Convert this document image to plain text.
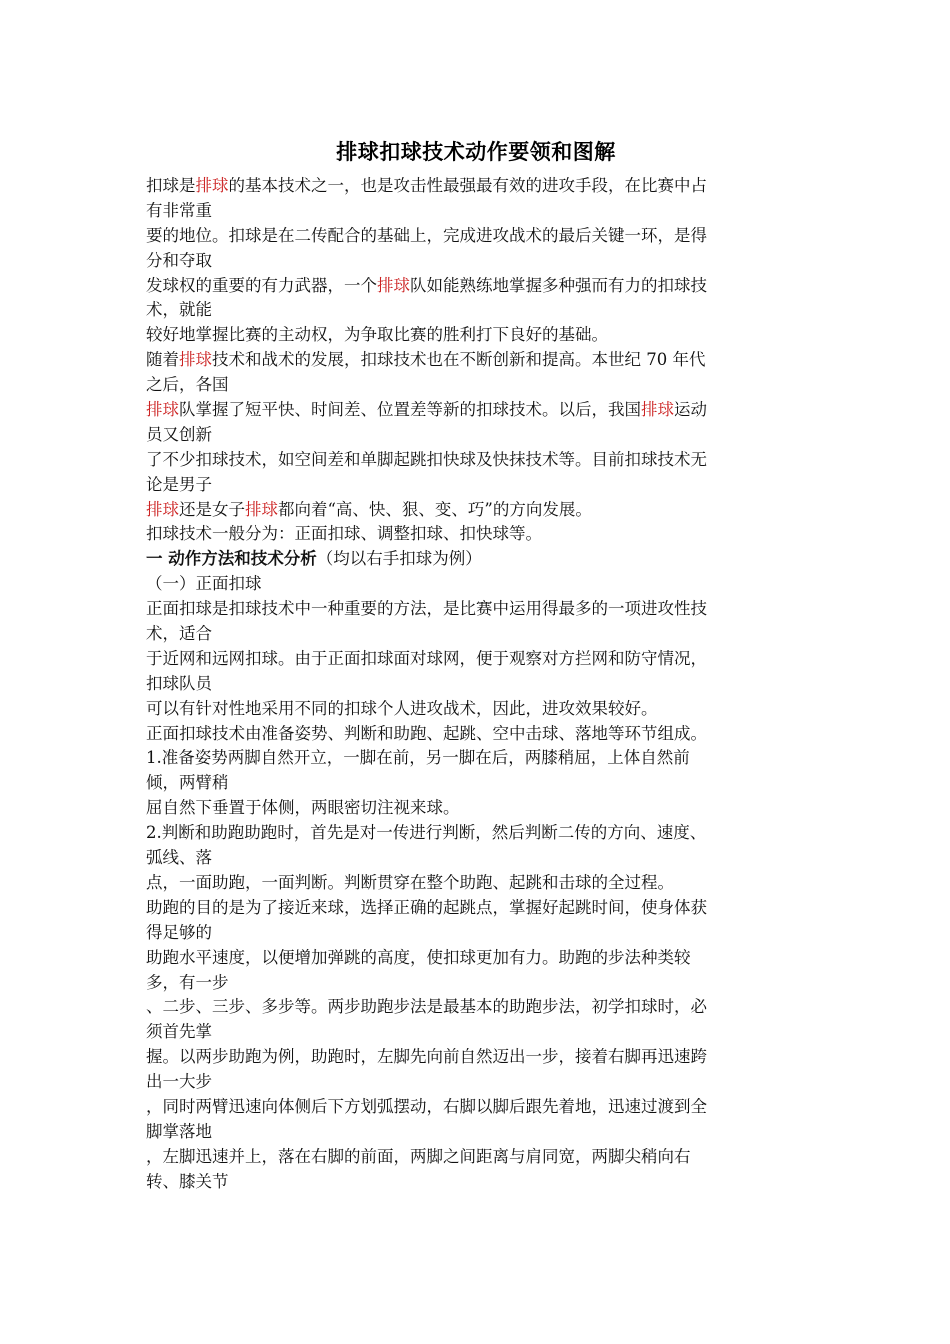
排球扣球技术动作要领和图解
扣球是排球的基本技术之一，也是攻击性最强最有效的进攻手段，在比赛中占
有非常重
要的地位。扣球是在二传配合的基础上，完成进攻战术的最后关键一环，是得
分和夺取
发球权的重要的有力武器，一个排球队如能熟练地掌握多种强而有力的扣球技
术，就能
较好地掌握比赛的主动权，为争取比赛的胜利打下良好的基础。
随着排球技术和战术的发展，扣球技术也在不断创新和提高。本世纪 70 年代
之后，各国
排球队掌握了短平快、时间差、位置差等新的扣球技术。以后，我国排球运动
员又创新
了不少扣球技术，如空间差和单脚起跳扣快球及快抹技术等。目前扣球技术无
论是男子
排球还是女子排球都向着“高、快、狠、变、巧”的方向发展。
扣球技术一般分为：正面扣球、调整扣球、扣快球等。
一 动作方法和技术分析（均以右手扣球为例）
（一）正面扣球
正面扣球是扣球技术中一种重要的方法，是比赛中运用得最多的一项进攻性技
术，适合
于近网和远网扣球。由于正面扣球面对球网，便于观察对方拦网和防守情况，
扣球队员
可以有针对性地采用不同的扣球个人进攻战术，因此，进攻效果较好。
正面扣球技术由准备姿势、判断和助跑、起跳、空中击球、落地等环节组成。
1.准备姿势两脚自然开立，一脚在前，另一脚在后，两膝稍屈，上体自然前
倾，两臂稍
屈自然下垂置于体侧，两眼密切注视来球。
2.判断和助跑助跑时，首先是对一传进行判断，然后判断二传的方向、速度、
弧线、落
点，一面助跑，一面判断。判断贯穿在整个助跑、起跳和击球的全过程。
助跑的目的是为了接近来球，选择正确的起跳点，掌握好起跳时间，使身体获
得足够的
助跑水平速度，以便增加弹跳的高度，使扣球更加有力。助跑的步法种类较
多，有一步
、二步、三步、多步等。两步助跑步法是最基本的助跑步法，初学扣球时，必
须首先掌
握。以两步助跑为例，助跑时，左脚先向前自然迈出一步，接着右脚再迅速跨
出一大步
，同时两臂迅速向体侧后下方划弧摆动，右脚以脚后跟先着地，迅速过渡到全
脚掌落地
，左脚迅速并上，落在右脚的前面，两脚之间距离与肩同宽，两脚尖稍向右
转、膝关节
